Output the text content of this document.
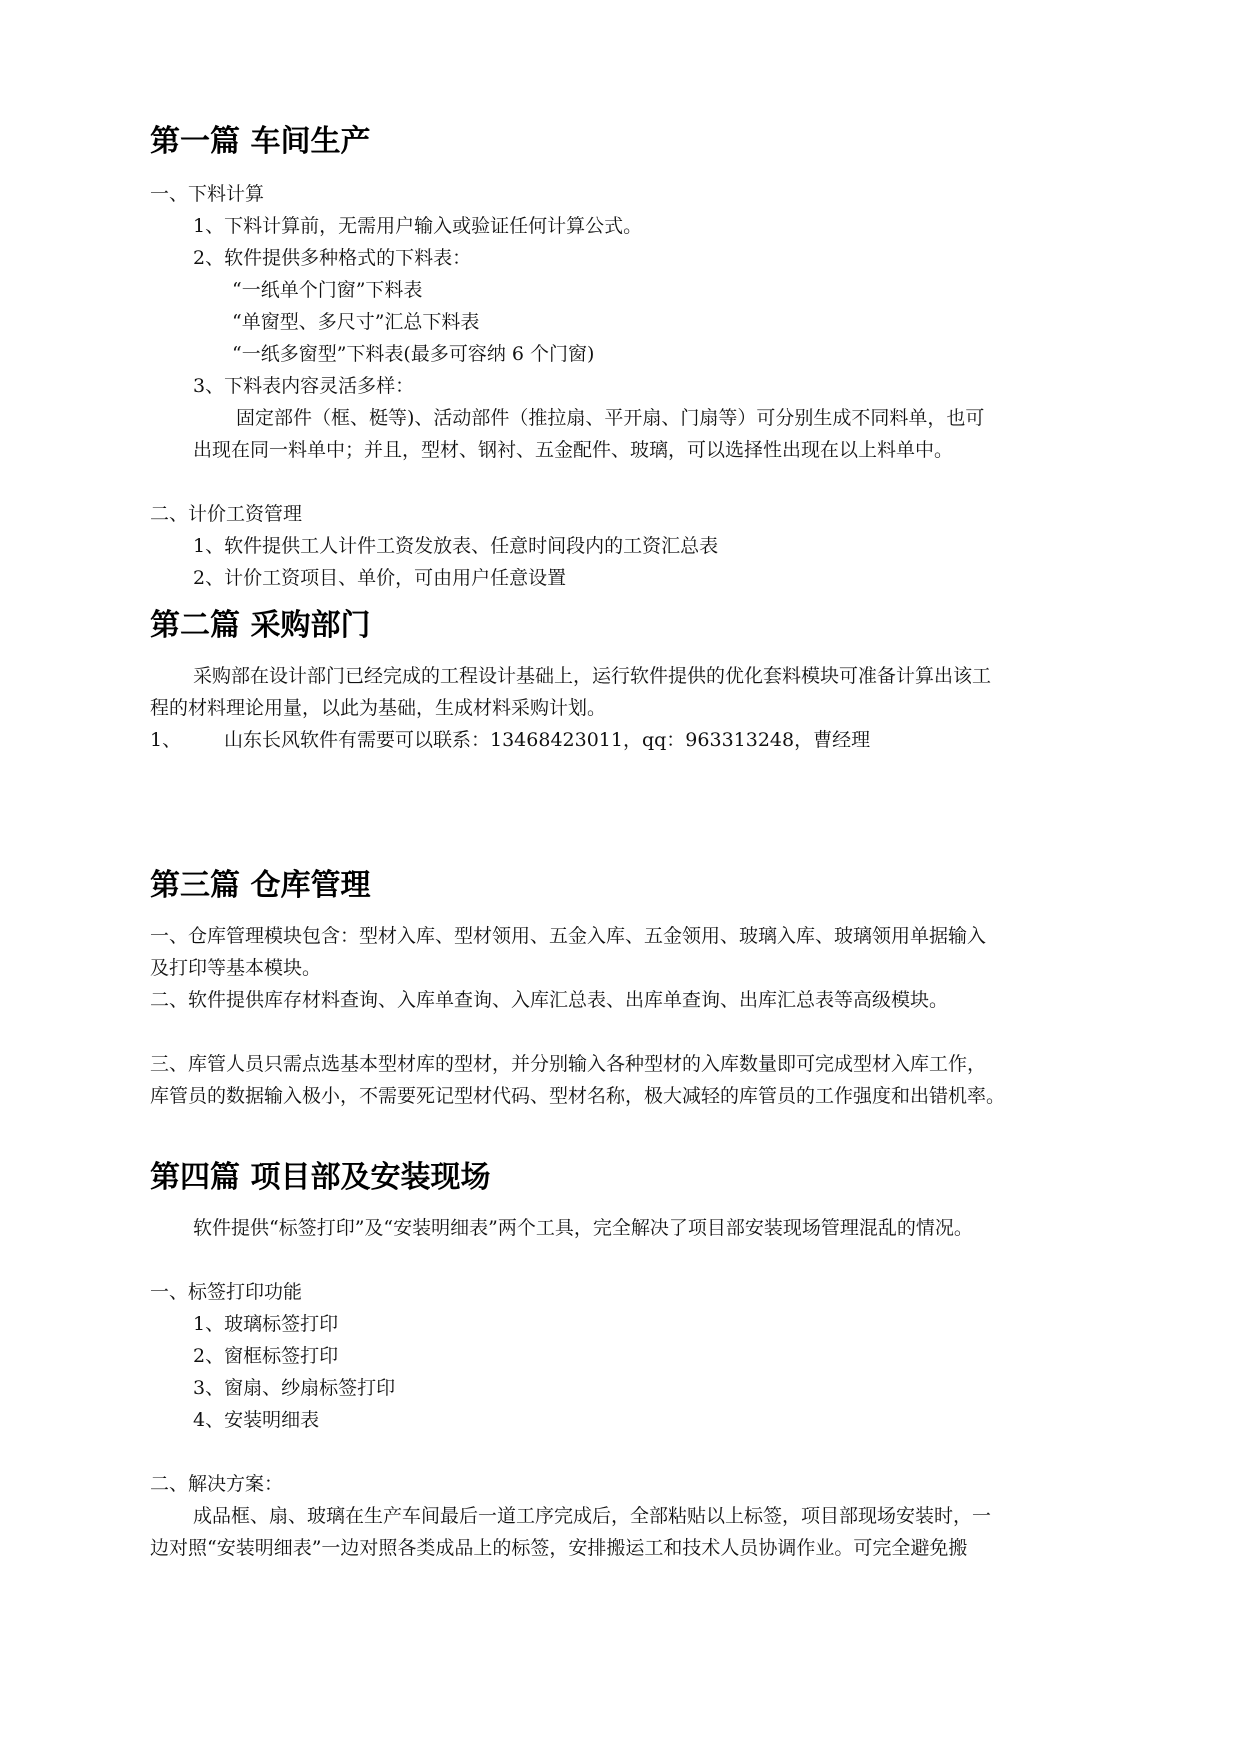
第一篇 车间生产
一、下料计算
1、下料计算前，无需用户输入或验证任何计算公式。
2、软件提供多种格式的下料表：
“一纸单个门窗”下料表
“单窗型、多尺寸”汇总下料表
“一纸多窗型”下料表(最多可容纳 6 个门窗)
3、下料表内容灵活多样：
固定部件（框、梃等)、活动部件（推拉扇、平开扇、门扇等）可分别生成不同料单，也可
出现在同一料单中；并且，型材、钢衬、五金配件、玻璃，可以选择性出现在以上料单中。
二、计价工资管理
1、软件提供工人计件工资发放表、任意时间段内的工资汇总表
2、计价工资项目、单价，可由用户任意设置
第二篇 采购部门
采购部在设计部门已经完成的工程设计基础上，运行软件提供的优化套料模块可准备计算出该工
程的材料理论用量，以此为基础，生成材料采购计划。
1、 山东长风软件有需要可以联系：13468423011，qq：963313248，曹经理
第三篇 仓库管理
一、仓库管理模块包含：型材入库、型材领用、五金入库、五金领用、玻璃入库、玻璃领用单据输入
及打印等基本模块。
二、软件提供库存材料查询、入库单查询、入库汇总表、出库单查询、出库汇总表等高级模块。
三、库管人员只需点选基本型材库的型材，并分别输入各种型材的入库数量即可完成型材入库工作，
库管员的数据输入极小，不需要死记型材代码、型材名称，极大减轻的库管员的工作强度和出错机率。
第四篇 项目部及安装现场
软件提供“标签打印”及“安装明细表”两个工具，完全解决了项目部安装现场管理混乱的情况。
一、标签打印功能
1、玻璃标签打印
2、窗框标签打印
3、窗扇、纱扇标签打印
4、安装明细表
二、解决方案：
成品框、扇、玻璃在生产车间最后一道工序完成后，全部粘贴以上标签，项目部现场安装时，一
边对照“安装明细表”一边对照各类成品上的标签，安排搬运工和技术人员协调作业。可完全避免搬
